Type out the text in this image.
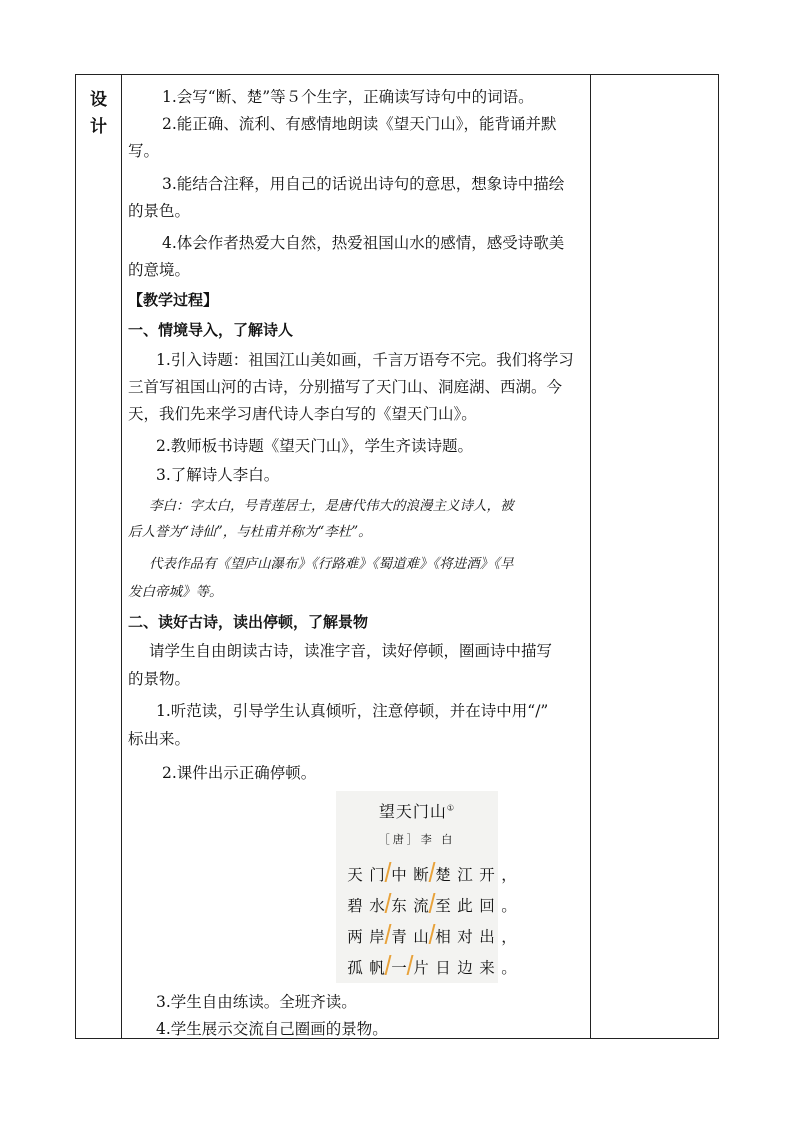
设
计
1.会写“断、楚”等５个生字，正确读写诗句中的词语。
2.能正确、流利、有感情地朗读《望天门山》，能背诵并默
写。
3.能结合注释，用自己的话说出诗句的意思，想象诗中描绘
的景色。
4.体会作者热爱大自然，热爱祖国山水的感情，感受诗歌美
的意境。
【教学过程】
一、情境导入，了解诗人
1.引入诗题：祖国江山美如画，千言万语夸不完。我们将学习
三首写祖国山河的古诗，分别描写了天门山、洞庭湖、西湖。今
天，我们先来学习唐代诗人李白写的《望天门山》。
2.教师板书诗题《望天门山》，学生齐读诗题。
3.了解诗人李白。
李白：字太白，号青莲居士，是唐代伟大的浪漫主义诗人，被
后人誉为“诗仙”，与杜甫并称为“李杜”。
代表作品有《望庐山瀑布》《行路难》《蜀道难》《将进酒》《早
发白帝城》等。
二、读好古诗，读出停顿，了解景物
请学生自由朗读古诗，读准字音，读好停顿，圈画诗中描写
的景物。
1.听范读，引导学生认真倾听，注意停顿，并在诗中用“/”
标出来。
2.课件出示正确停顿。
望天门山①
［唐］李 白
天 门 中 断 楚 江 开 ，
碧 水 东 流 至 此 回 。
两 岸 青 山 相 对 出 ，
孤 帆 一 片 日 边 来 。
3.学生自由练读。全班齐读。
4.学生展示交流自己圈画的景物。
